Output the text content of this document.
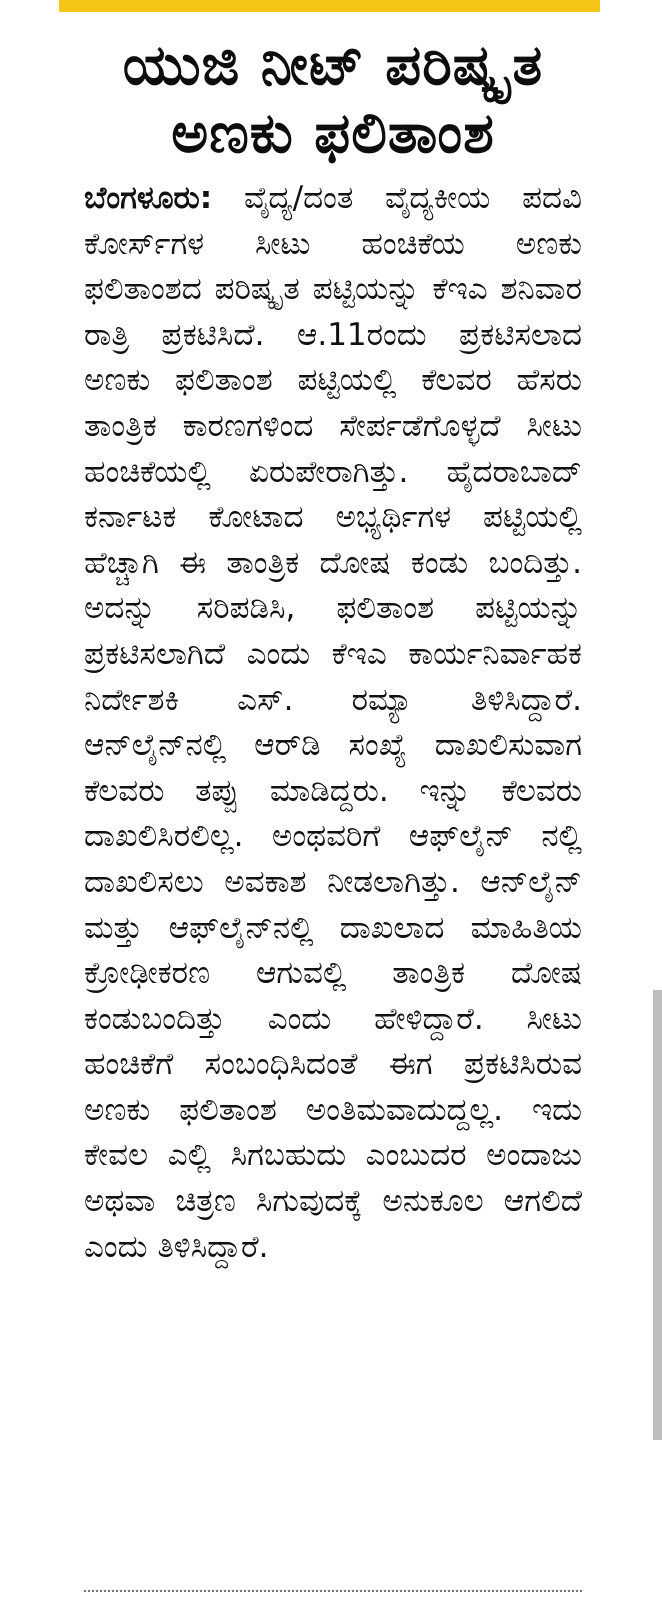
ಯುಜಿ ನೀಟ್ ಪರಿಷ್ಕೃತ
ಅಣಕು ಫಲಿತಾಂಶ

ಬೆಂಗಳೂರು: ವೈದ್ಯ/ದಂತ ವೈದ್ಯಕೀಯ ಪದವಿ ಕೋರ್ಸ್‌ಗಳ ಸೀಟು ಹಂಚಿಕೆಯ ಅಣಕು ಫಲಿತಾಂಶದ ಪರಿಷ್ಕೃತ ಪಟ್ಟಿಯನ್ನು ಕೆಇಎ ಶನಿವಾರ ರಾತ್ರಿ ಪ್ರಕಟಿಸಿದೆ. ಆ.11ರಂದು ಪ್ರಕಟಿಸಲಾದ ಅಣಕು ಫಲಿತಾಂಶ ಪಟ್ಟಿಯಲ್ಲಿ ಕೆಲವರ ಹೆಸರು ತಾಂತ್ರಿಕ ಕಾರಣಗಳಿಂದ ಸೇರ್ಪಡೆಗೊಳ್ಳದೆ ಸೀಟು ಹಂಚಿಕೆಯಲ್ಲಿ ಏರುಪೇರಾಗಿತ್ತು. ಹೈದರಾಬಾದ್ ಕರ್ನಾಟಕ ಕೋಟಾದ ಅಭ್ಯರ್ಥಿಗಳ ಪಟ್ಟಿಯಲ್ಲಿ ಹೆಚ್ಚಾಗಿ ಈ ತಾಂತ್ರಿಕ ದೋಷ ಕಂಡು ಬಂದಿತ್ತು. ಅದನ್ನು ಸರಿಪಡಿಸಿ, ಫಲಿತಾಂಶ ಪಟ್ಟಿಯನ್ನು ಪ್ರಕಟಿಸಲಾಗಿದೆ ಎಂದು ಕೆಇಎ ಕಾರ್ಯನಿರ್ವಾಹಕ ನಿರ್ದೇಶಕಿ ಎಸ್. ರಮ್ಯಾ ತಿಳಿಸಿದ್ದಾರೆ. ಆನ್‌ಲೈನ್‌ನಲ್ಲಿ ಆರ್‌ಡಿ ಸಂಖ್ಯೆ ದಾಖಲಿಸುವಾಗ ಕೆಲವರು ತಪ್ಪು ಮಾಡಿದ್ದರು. ಇನ್ನು ಕೆಲವರು ದಾಖಲಿಸಿರಲಿಲ್ಲ. ಅಂಥವರಿಗೆ ಆಫ್‌ಲೈನ್ ನಲ್ಲಿ ದಾಖಲಿಸಲು ಅವಕಾಶ ನೀಡಲಾಗಿತ್ತು. ಆನ್‌ಲೈನ್ ಮತ್ತು ಆಫ್‌ಲೈನ್‌ನಲ್ಲಿ ದಾಖಲಾದ ಮಾಹಿತಿಯ ಕ್ರೋಢೀಕರಣ ಆಗುವಲ್ಲಿ ತಾಂತ್ರಿಕ ದೋಷ ಕಂಡುಬಂದಿತ್ತು ಎಂದು ಹೇಳಿದ್ದಾರೆ. ಸೀಟು ಹಂಚಿಕೆಗೆ ಸಂಬಂಧಿಸಿದಂತೆ ಈಗ ಪ್ರಕಟಿಸಿರುವ ಅಣಕು ಫಲಿತಾಂಶ ಅಂತಿಮವಾದುದ್ದಲ್ಲ. ಇದು ಕೇವಲ ಎಲ್ಲಿ ಸಿಗಬಹುದು ಎಂಬುದರ ಅಂದಾಜು ಅಥವಾ ಚಿತ್ರಣ ಸಿಗುವುದಕ್ಕೆ ಅನುಕೂಲ ಆಗಲಿದೆ ಎಂದು ತಿಳಿಸಿದ್ದಾರೆ.
